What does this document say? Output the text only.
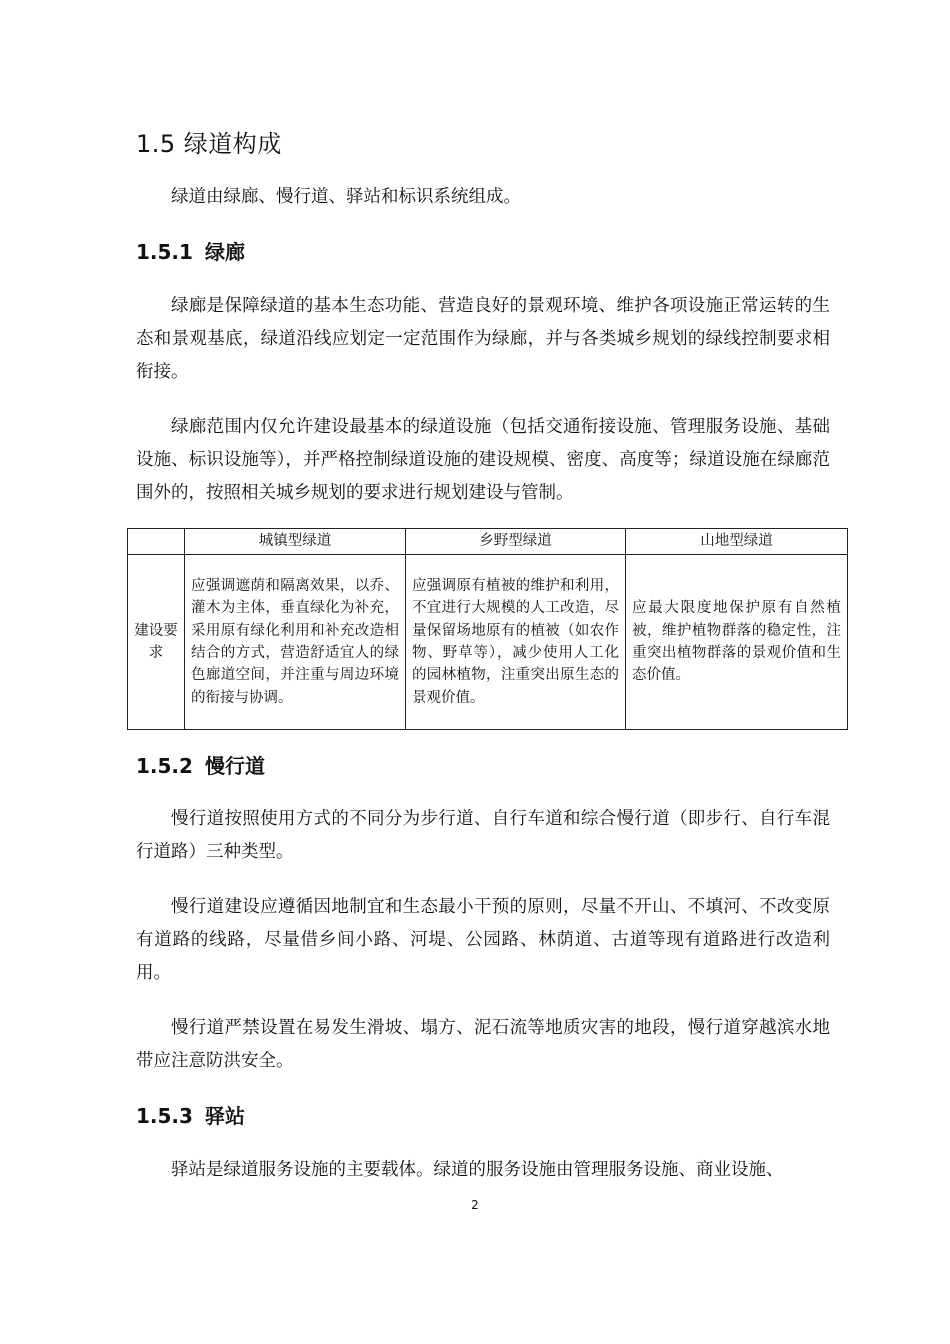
1.5 绿道构成
绿道由绿廊、慢行道、驿站和标识系统组成。
1.5.1 绿廊
绿廊是保障绿道的基本生态功能、营造良好的景观环境、维护各项设施正常运转的生态和景观基底，绿道沿线应划定一定范围作为绿廊，并与各类城乡规划的绿线控制要求相衔接。
绿廊范围内仅允许建设最基本的绿道设施（包括交通衔接设施、管理服务设施、基础设施、标识设施等），并严格控制绿道设施的建设规模、密度、高度等；绿道设施在绿廊范围外的，按照相关城乡规划的要求进行规划建设与管制。
	城镇型绿道	乡野型绿道	山地型绿道
建设要求	应强调遮荫和隔离效果，以乔、灌木为主体，垂直绿化为补充，采用原有绿化利用和补充改造相结合的方式，营造舒适宜人的绿色廊道空间，并注重与周边环境的衔接与协调。	应强调原有植被的维护和利用，不宜进行大规模的人工改造，尽量保留场地原有的植被（如农作物、野草等），减少使用人工化的园林植物，注重突出原生态的景观价值。	应最大限度地保护原有自然植被，维护植物群落的稳定性，注重突出植物群落的景观价值和生态价值。
1.5.2 慢行道
慢行道按照使用方式的不同分为步行道、自行车道和综合慢行道（即步行、自行车混行道路）三种类型。
慢行道建设应遵循因地制宜和生态最小干预的原则，尽量不开山、不填河、不改变原有道路的线路，尽量借乡间小路、河堤、公园路、林荫道、古道等现有道路进行改造利用。
慢行道严禁设置在易发生滑坡、塌方、泥石流等地质灾害的地段，慢行道穿越滨水地带应注意防洪安全。
1.5.3 驿站
驿站是绿道服务设施的主要载体。绿道的服务设施由管理服务设施、商业设施、
2
